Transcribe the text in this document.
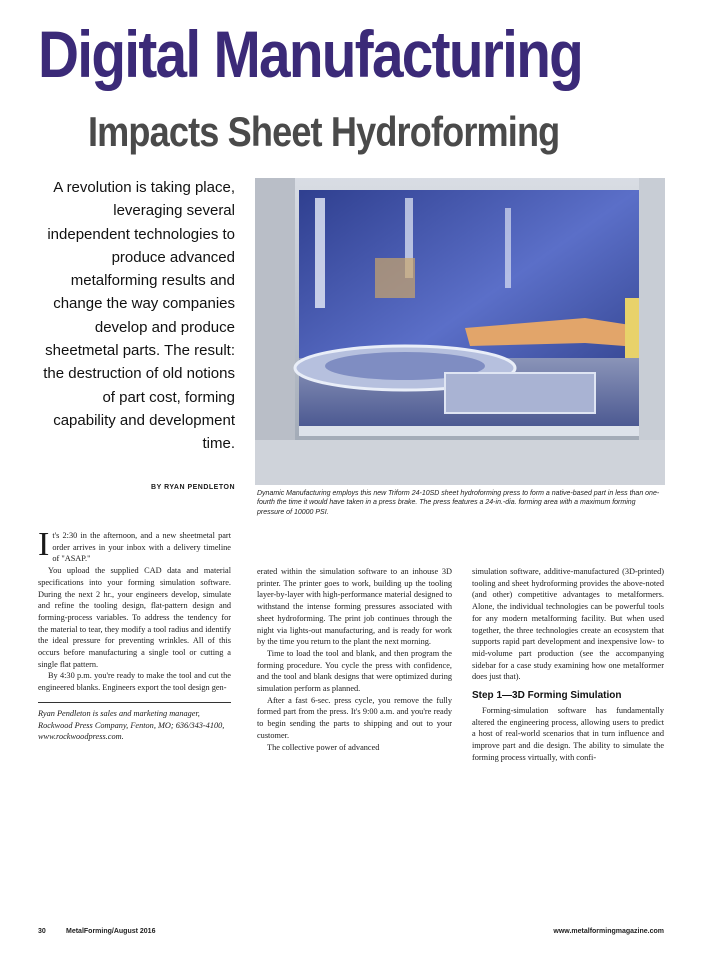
Digital Manufacturing
Impacts Sheet Hydroforming
A revolution is taking place, leveraging several independent technologies to produce advanced metalforming results and change the way companies develop and produce sheetmetal parts. The result: the destruction of old notions of part cost, forming capability and development time.
BY RYAN PENDLETON
Dynamic Manufacturing employs this new Triform 24-10SD sheet hydroforming press to form a native-based part in less than one-fourth the time it would have taken in a press brake. The press features a 24-in.-dia. forming area with a maximum forming pressure of 10000 PSI.

It's 2:30 in the afternoon, and a new sheetmetal part order arrives in your inbox with a delivery timeline of "ASAP."

You upload the supplied CAD data and material specifications into your forming simulation software. During the next 2 hr., your engineers develop, simulate and refine the tooling design, flat-pattern design and forming-process variables. To address the tendency for the material to tear, they modify a tool radius and identify the ideal pressure for preventing wrinkles. All of this occurs before manufacturing a single tool or cutting a single flat pattern.

By 4:30 p.m. you're ready to make the tool and cut the engineered blanks. Engineers export the tool design gen-

Ryan Pendleton is sales and marketing manager, Rockwood Press Company, Fenton, MO; 636/343-4100, www.rockwoodpress.com.

erated within the simulation software to an inhouse 3D printer. The printer goes to work, building up the tooling layer-by-layer with high-performance material designed to withstand the intense forming pressures associated with sheet hydroforming. The print job continues through the night via lights-out manufacturing, and is ready for work by the time you return to the plant the next morning.

Time to load the tool and blank, and then program the forming procedure. You cycle the press with confidence, and the tool and blank designs that were optimized during simulation perform as planned.

After a fast 6-sec. press cycle, you remove the fully formed part from the press. It's 9:00 a.m. and you're ready to begin sending the parts to shipping and out to your customer.

The collective power of advanced

simulation software, additive-manufactured (3D-printed) tooling and sheet hydroforming provides the above-noted (and other) competitive advantages to metalformers. Alone, the individual technologies can be powerful tools for any modern metalforming facility. But when used together, the three technologies create an ecosystem that supports rapid part development and inexpensive low- to mid-volume part production (see the accompanying sidebar for a case study examining how one metalformer does just that).

Step 1—3D Forming Simulation

Forming-simulation software has fundamentally altered the engineering process, allowing users to predict a host of real-world scenarios that in turn influence and improve part and die design. The ability to simulate the forming process virtually, with confi-

30	MetalForming/August 2016	www.metalformingmagazine.com
